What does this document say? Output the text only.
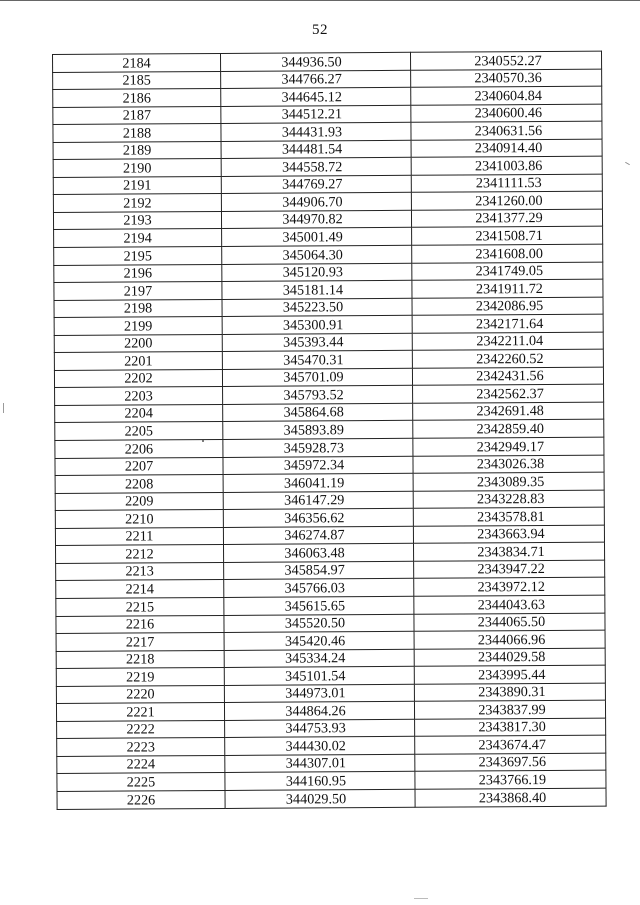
52
2184	344936.50	2340552.27
2185	344766.27	2340570.36
2186	344645.12	2340604.84
2187	344512.21	2340600.46
2188	344431.93	2340631.56
2189	344481.54	2340914.40
2190	344558.72	2341003.86
2191	344769.27	2341111.53
2192	344906.70	2341260.00
2193	344970.82	2341377.29
2194	345001.49	2341508.71
2195	345064.30	2341608.00
2196	345120.93	2341749.05
2197	345181.14	2341911.72
2198	345223.50	2342086.95
2199	345300.91	2342171.64
2200	345393.44	2342211.04
2201	345470.31	2342260.52
2202	345701.09	2342431.56
2203	345793.52	2342562.37
2204	345864.68	2342691.48
2205	345893.89	2342859.40
2206	345928.73	2342949.17
2207	345972.34	2343026.38
2208	346041.19	2343089.35
2209	346147.29	2343228.83
2210	346356.62	2343578.81
2211	346274.87	2343663.94
2212	346063.48	2343834.71
2213	345854.97	2343947.22
2214	345766.03	2343972.12
2215	345615.65	2344043.63
2216	345520.50	2344065.50
2217	345420.46	2344066.96
2218	345334.24	2344029.58
2219	345101.54	2343995.44
2220	344973.01	2343890.31
2221	344864.26	2343837.99
2222	344753.93	2343817.30
2223	344430.02	2343674.47
2224	344307.01	2343697.56
2225	344160.95	2343766.19
2226	344029.50	2343868.40
